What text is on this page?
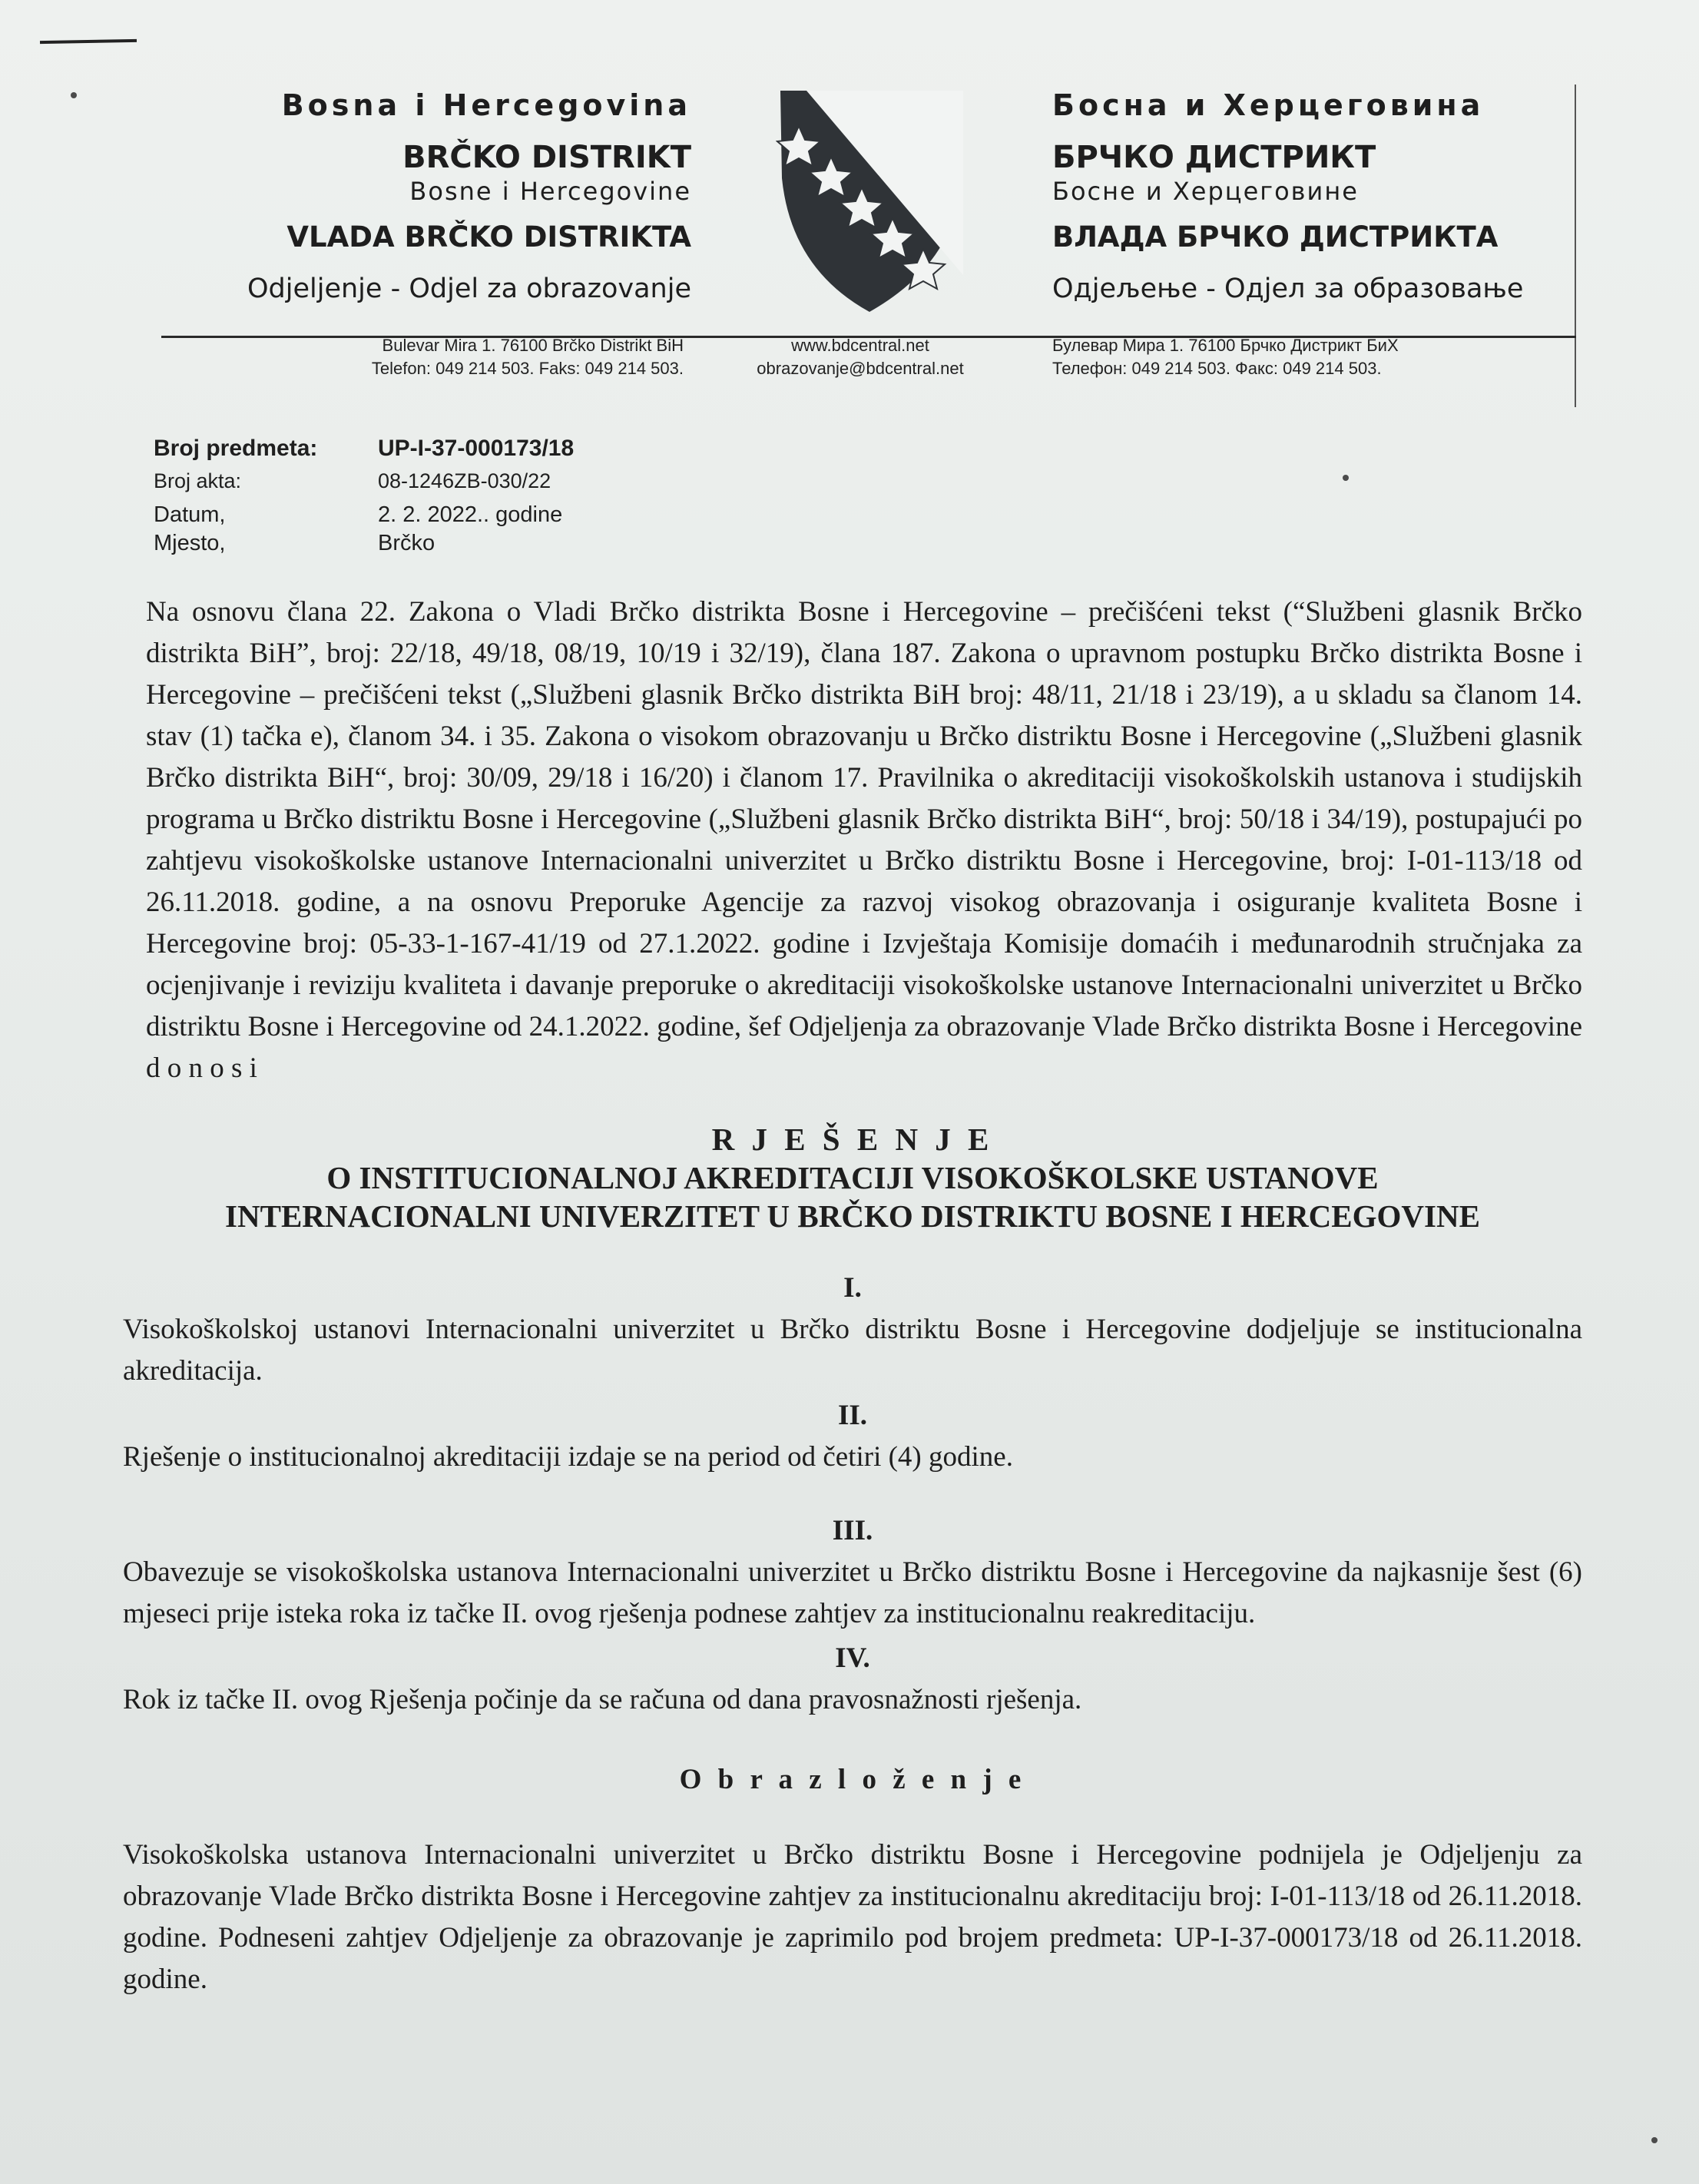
Bosna i Hercegovina
BRČKO DISTRIKT
Bosne i Hercegovine
VLADA BRČKO DISTRIKTA
Odjeljenje - Odjel za obrazovanje
Босна и Херцеговина
БРЧКО ДИСТРИКТ
Босне и Херцеговине
ВЛАДА БРЧКО ДИСТРИКТА
Одјељење - Одјел за образовање
Bulevar Mira 1. 76100 Brčko Distrikt BiH
Telefon: 049 214 503. Faks: 049 214 503.
www.bdcentral.net
obrazovanje@bdcentral.net
Булевар Мира 1. 76100 Брчко Дистрикт БиХ
Телефон: 049 214 503. Факс: 049 214 503.
Broj predmeta:	UP-I-37-000173/18
Broj akta:	08-1246ZB-030/22
Datum,	2. 2. 2022.. godine
Mjesto,	Brčko

Na osnovu člana 22. Zakona o Vladi Brčko distrikta Bosne i Hercegovine – prečišćeni tekst (“Službeni glasnik Brčko distrikta BiH”, broj: 22/18, 49/18, 08/19, 10/19 i 32/19), člana 187. Zakona o upravnom postupku Brčko distrikta Bosne i Hercegovine – prečišćeni tekst („Službeni glasnik Brčko distrikta BiH broj: 48/11, 21/18 i 23/19), a u skladu sa članom 14. stav (1) tačka e), članom 34. i 35. Zakona o visokom obrazovanju u Brčko distriktu Bosne i Hercegovine („Službeni glasnik Brčko distrikta BiH“, broj: 30/09, 29/18 i 16/20) i članom 17. Pravilnika o akreditaciji visokoškolskih ustanova i studijskih programa u Brčko distriktu Bosne i Hercegovine („Službeni glasnik Brčko distrikta BiH“, broj: 50/18 i 34/19), postupajući po zahtjevu visokoškolske ustanove Internacionalni univerzitet u Brčko distriktu Bosne i Hercegovine, broj: I-01-113/18 od 26.11.2018. godine, a na osnovu Preporuke Agencije za razvoj visokog obrazovanja i osiguranje kvaliteta Bosne i Hercegovine broj: 05-33-1-167-41/19 od 27.1.2022. godine i Izvještaja Komisije domaćih i međunarodnih stručnjaka za ocjenjivanje i reviziju kvaliteta i davanje preporuke o akreditaciji visokoškolske ustanove Internacionalni univerzitet u Brčko distriktu Bosne i Hercegovine od 24.1.2022. godine, šef Odjeljenja za obrazovanje Vlade Brčko distrikta Bosne i Hercegovine d o n o s i

R J E Š E N J E
O INSTITUCIONALNOJ AKREDITACIJI VISOKOŠKOLSKE USTANOVE
INTERNACIONALNI UNIVERZITET U BRČKO DISTRIKTU BOSNE I HERCEGOVINE
I.

Visokoškolskoj ustanovi Internacionalni univerzitet u Brčko distriktu Bosne i Hercegovine dodjeljuje se institucionalna akreditacija.

II.

Rješenje o institucionalnoj akreditaciji izdaje se na period od četiri (4) godine.

III.

Obavezuje se visokoškolska ustanova Internacionalni univerzitet u Brčko distriktu Bosne i Hercegovine da najkasnije šest (6) mjeseci prije isteka roka iz tačke II. ovog rješenja podnese zahtjev za institucionalnu reakreditaciju.

IV.

Rok iz tačke II. ovog Rješenja počinje da se računa od dana pravosnažnosti rješenja.

O b r a z l o ž e n j e

Visokoškolska ustanova Internacionalni univerzitet u Brčko distriktu Bosne i Hercegovine podnijela je Odjeljenju za obrazovanje Vlade Brčko distrikta Bosne i Hercegovine zahtjev za institucionalnu akreditaciju broj: I-01-113/18 od 26.11.2018. godine. Podneseni zahtjev Odjeljenje za obrazovanje je zaprimilo pod brojem predmeta: UP-I-37-000173/18 od 26.11.2018. godine.
